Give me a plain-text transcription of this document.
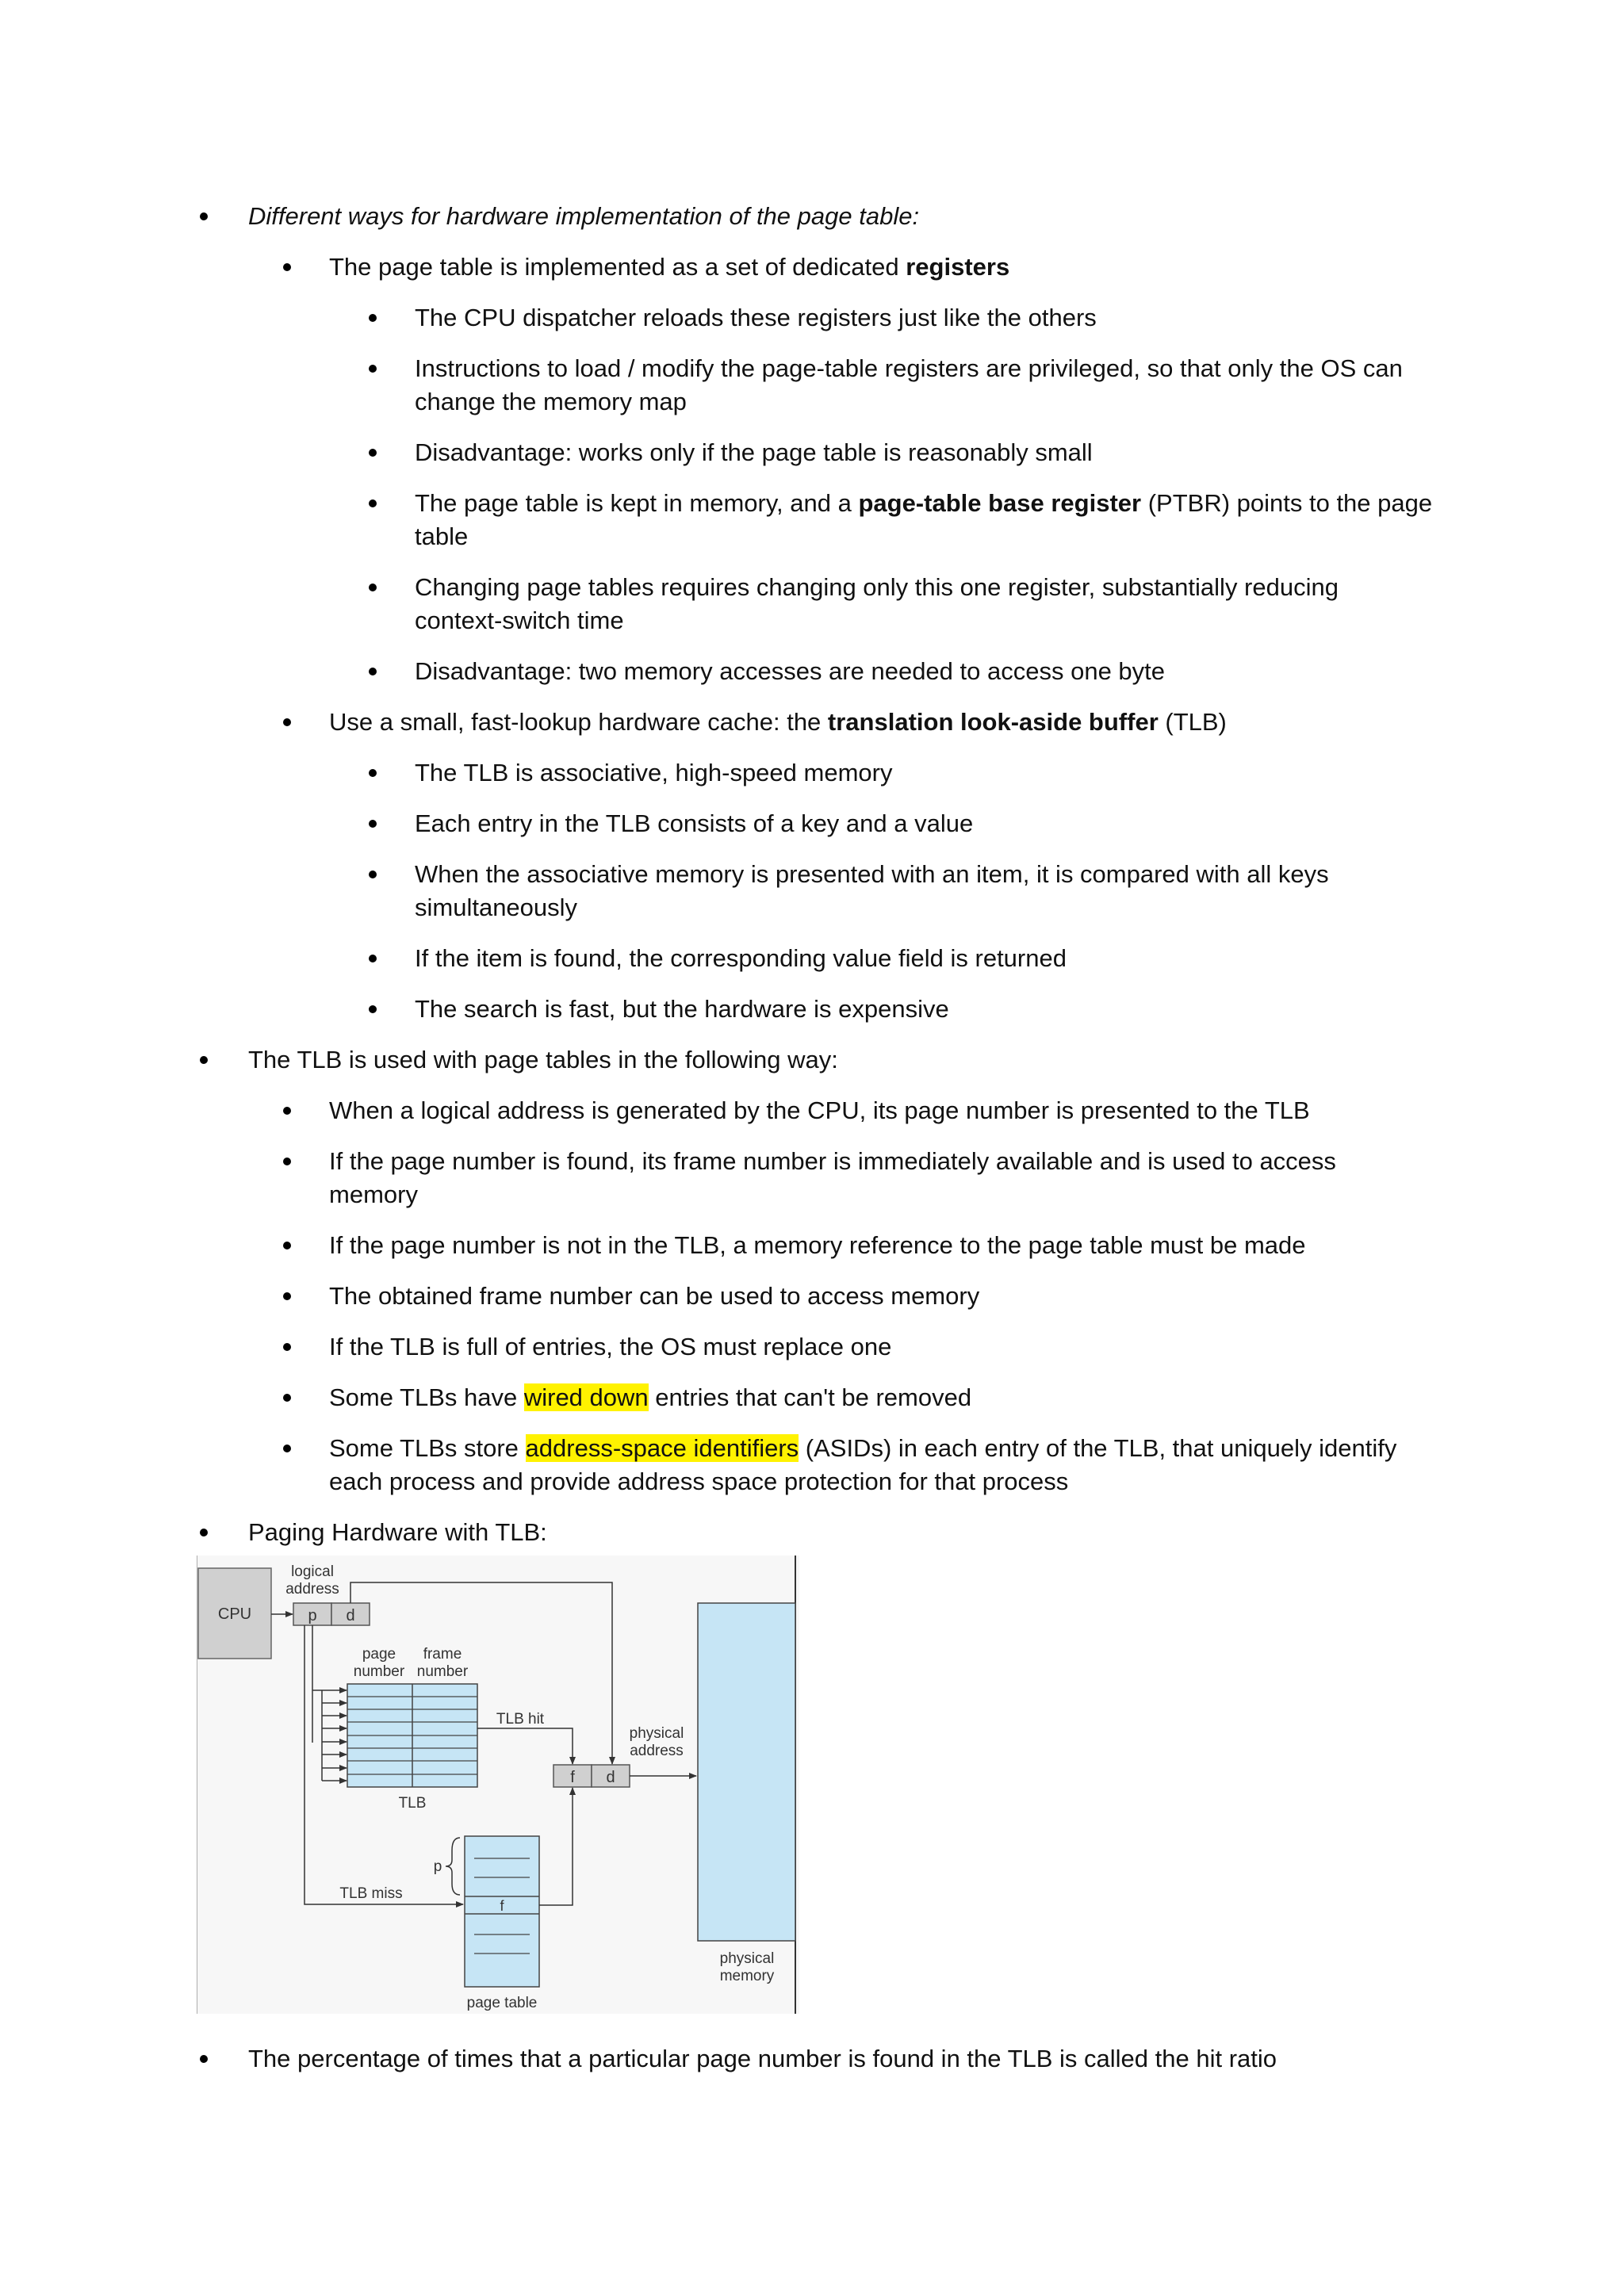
Different ways for hardware implementation of the page table:
The page table is implemented as a set of dedicated registers
The CPU dispatcher reloads these registers just like the others
Instructions to load / modify the page-table registers are privileged, so that only the OS can
change the memory map
Disadvantage: works only if the page table is reasonably small
The page table is kept in memory, and a page-table base register (PTBR) points to the page
table
Changing page tables requires changing only this one register, substantially reducing
context-switch time
Disadvantage: two memory accesses are needed to access one byte
Use a small, fast-lookup hardware cache: the translation look-aside buffer (TLB)
The TLB is associative, high-speed memory
Each entry in the TLB consists of a key and a value
When the associative memory is presented with an item, it is compared with all keys
simultaneously
If the item is found, the corresponding value field is returned
The search is fast, but the hardware is expensive
The TLB is used with page tables in the following way:
When a logical address is generated by the CPU, its page number is presented to the TLB
If the page number is found, its frame number is immediately available and is used to access
memory
If the page number is not in the TLB, a memory reference to the page table must be made
The obtained frame number can be used to access memory
If the TLB is full of entries, the OS must replace one
Some TLBs have wired down entries that can't be removed
Some TLBs store address-space identifiers (ASIDs) in each entry of the TLB, that uniquely identify
each process and provide address space protection for that process
Paging Hardware with TLB:
CPU
logical
address
p d
page
number
frame
number
TLB
TLB hit
physical
address
f d
physical
memory
TLB miss
f
p
page table
The percentage of times that a particular page number is found in the TLB is called the hit ratio
